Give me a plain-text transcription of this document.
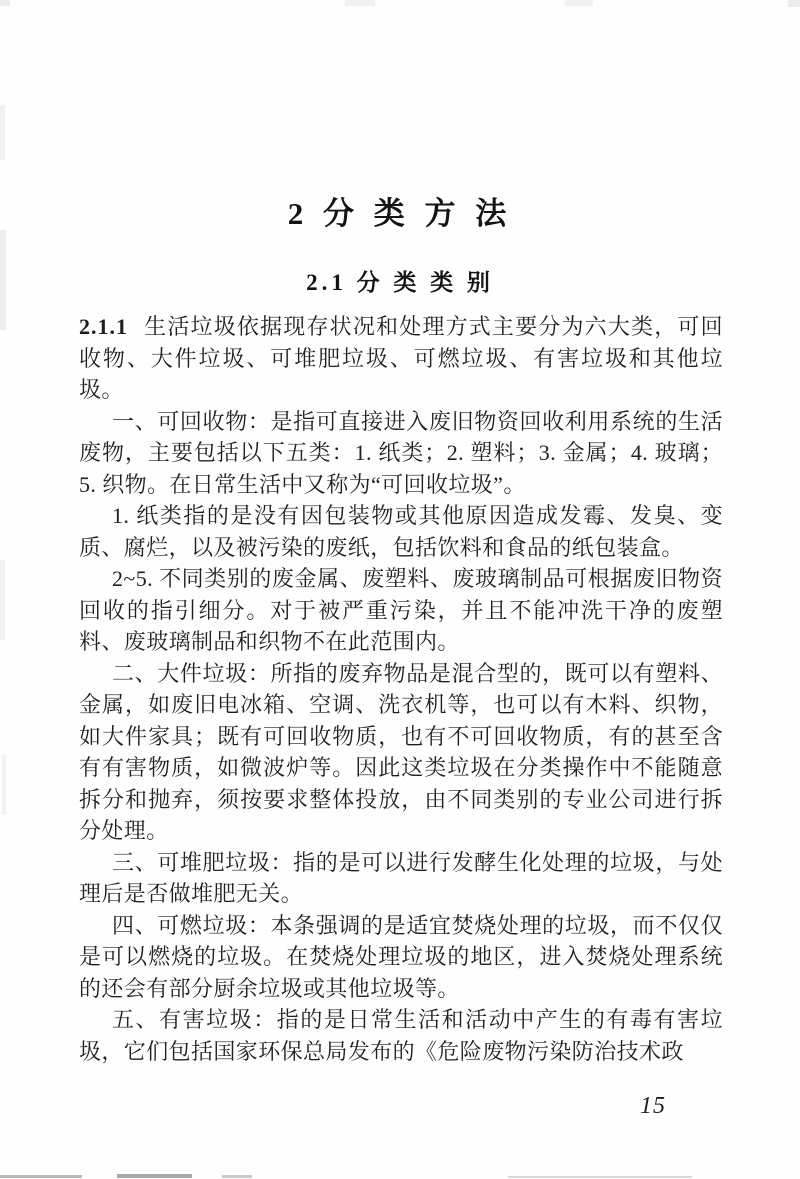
2 分 类 方 法
2.1 分 类 类 别

2.1.1 生活垃圾依据现存状况和处理方式主要分为六大类，可回收物、大件垃圾、可堆肥垃圾、可燃垃圾、有害垃圾和其他垃圾。

一、可回收物：是指可直接进入废旧物资回收利用系统的生活废物，主要包括以下五类：1. 纸类；2. 塑料；3. 金属；4. 玻璃；5. 织物。在日常生活中又称为“可回收垃圾”。

1. 纸类指的是没有因包装物或其他原因造成发霉、发臭、变质、腐烂，以及被污染的废纸，包括饮料和食品的纸包装盒。

2~5. 不同类别的废金属、废塑料、废玻璃制品可根据废旧物资回收的指引细分。对于被严重污染，并且不能冲洗干净的废塑料、废玻璃制品和织物不在此范围内。

二、大件垃圾：所指的废弃物品是混合型的，既可以有塑料、金属，如废旧电冰箱、空调、洗衣机等，也可以有木料、织物，如大件家具；既有可回收物质，也有不可回收物质，有的甚至含有有害物质，如微波炉等。因此这类垃圾在分类操作中不能随意拆分和抛弃，须按要求整体投放，由不同类别的专业公司进行拆分处理。

三、可堆肥垃圾：指的是可以进行发酵生化处理的垃圾，与处理后是否做堆肥无关。

四、可燃垃圾：本条强调的是适宜焚烧处理的垃圾，而不仅仅是可以燃烧的垃圾。在焚烧处理垃圾的地区，进入焚烧处理系统的还会有部分厨余垃圾或其他垃圾等。

五、有害垃圾：指的是日常生活和活动中产生的有毒有害垃圾，它们包括国家环保总局发布的《危险废物污染防治技术政

15
